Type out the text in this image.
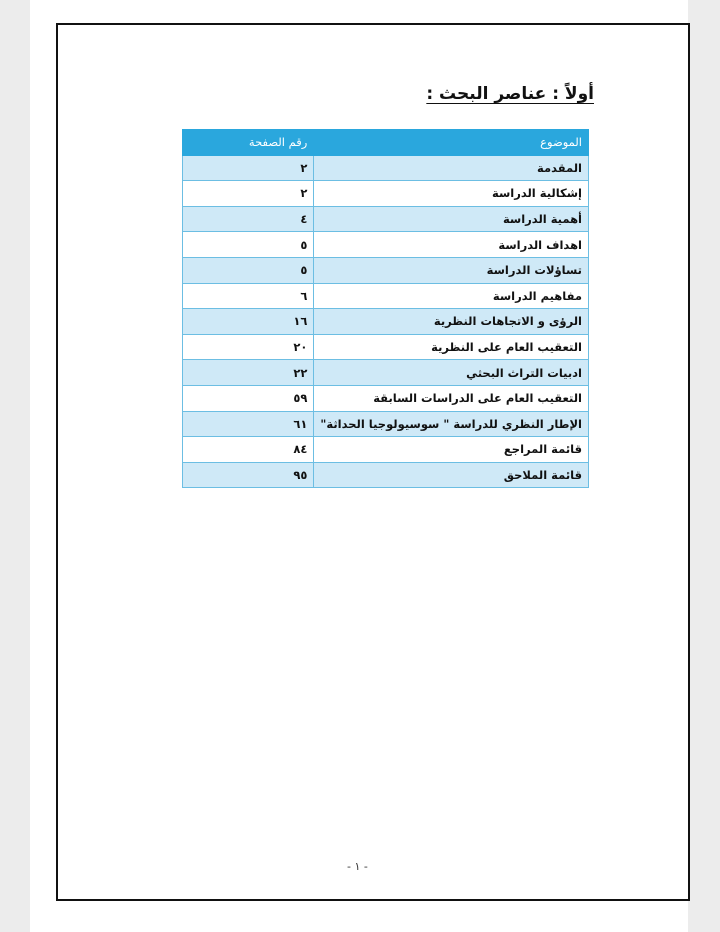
أولاً : عناصر البحث :
الموضوع	رقم الصفحة
المقدمة	٢
إشكالية الدراسة	٢
أهمية الدراسة	٤
اهداف الدراسة	٥
تساؤلات الدراسة	٥
مفاهيم الدراسة	٦
الرؤى و الاتجاهات النظرية	١٦
التعقيب العام على النظرية	٢٠
ادبيات التراث البحثي	٢٢
التعقيب العام على الدراسات السابقة	٥٩
الإطار النظري للدراسة " سوسيولوجيا الحداثة"	٦١
قائمة المراجع	٨٤
قائمة الملاحق	٩٥
- ١ -
